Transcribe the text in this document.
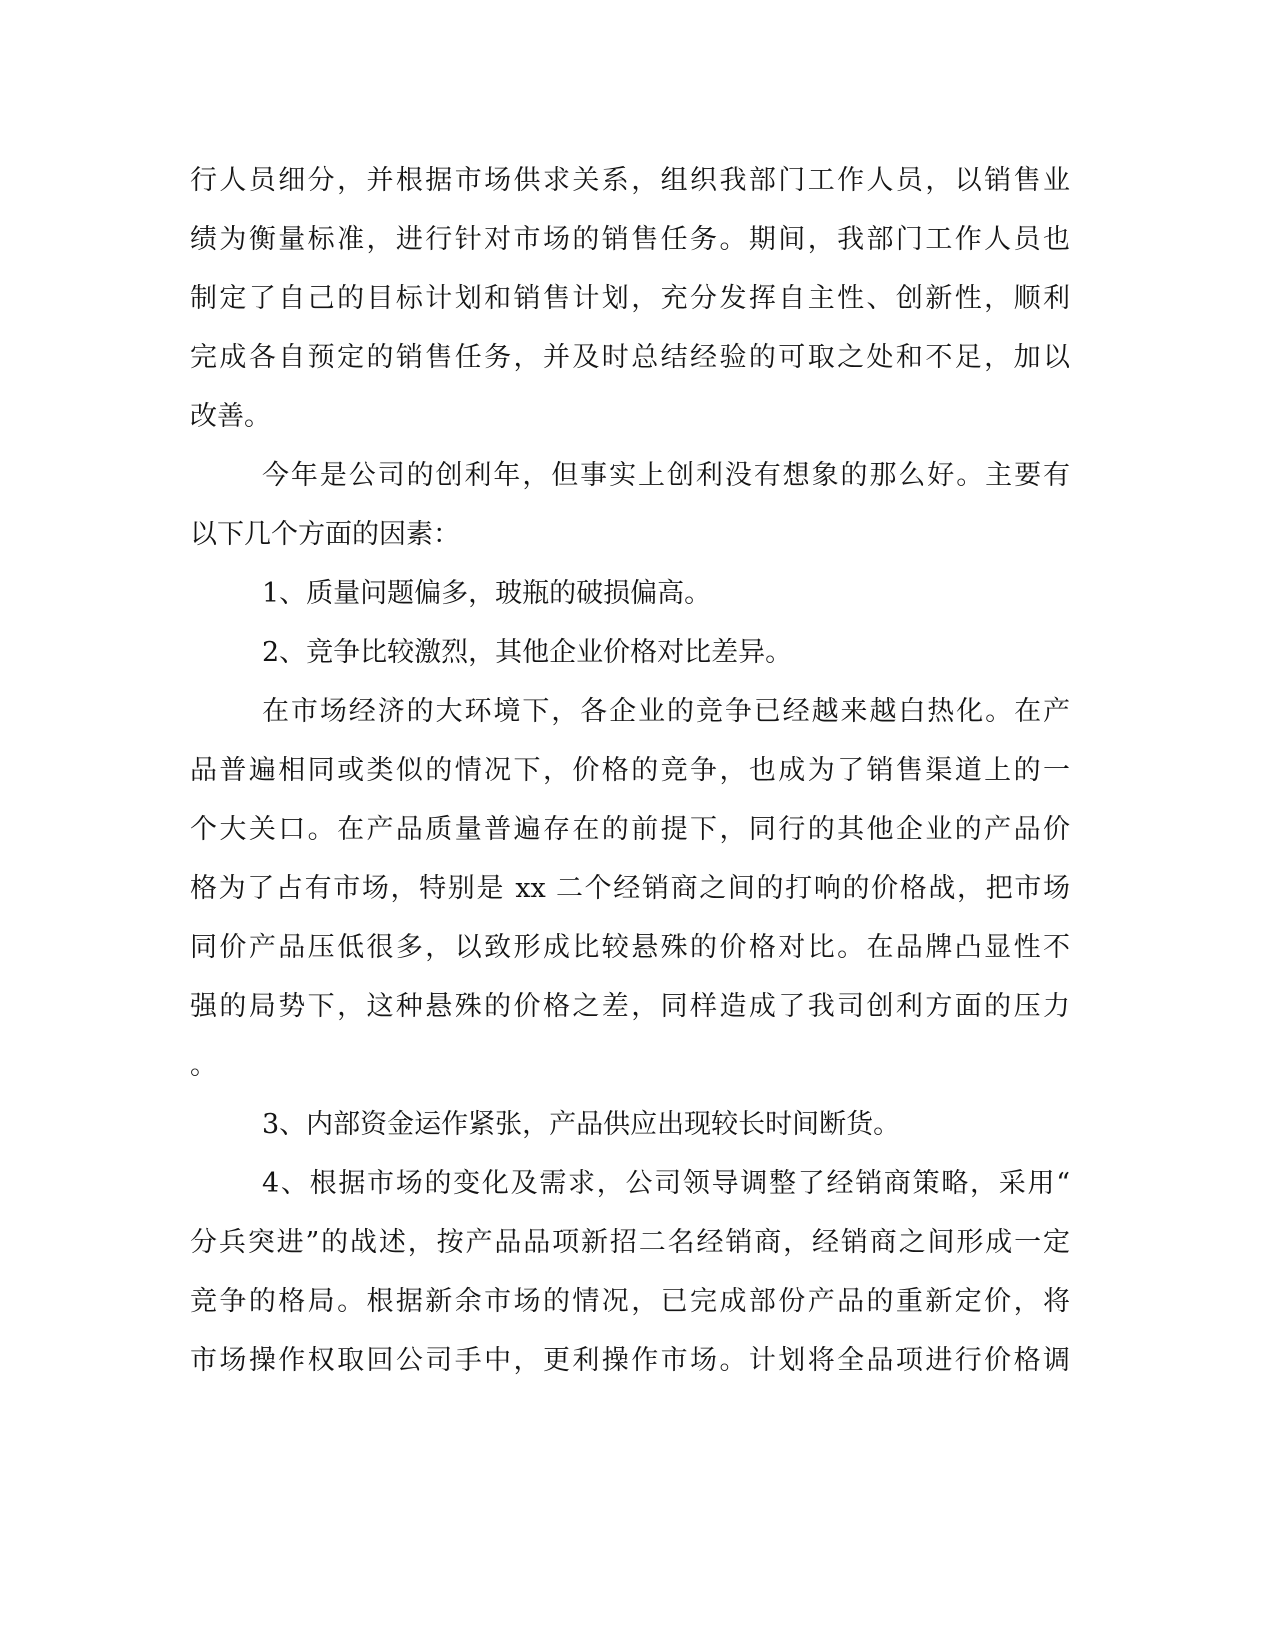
行人员细分，并根据市场供求关系，组织我部门工作人员，以销售业
绩为衡量标准，进行针对市场的销售任务。期间，我部门工作人员也
制定了自己的目标计划和销售计划，充分发挥自主性、创新性，顺利
完成各自预定的销售任务，并及时总结经验的可取之处和不足，加以
改善。
今年是公司的创利年，但事实上创利没有想象的那么好。主要有
以下几个方面的因素：
1、质量问题偏多，玻瓶的破损偏高。
2、竞争比较激烈，其他企业价格对比差异。
在市场经济的大环境下，各企业的竞争已经越来越白热化。在产
品普遍相同或类似的情况下，价格的竞争，也成为了销售渠道上的一
个大关口。在产品质量普遍存在的前提下，同行的其他企业的产品价
格为了占有市场，特别是 xx 二个经销商之间的打响的价格战，把市场
同价产品压低很多，以致形成比较悬殊的价格对比。在品牌凸显性不
强的局势下，这种悬殊的价格之差，同样造成了我司创利方面的压力
。
3、内部资金运作紧张，产品供应出现较长时间断货。
4、根据市场的变化及需求，公司领导调整了经销商策略，采用“
分兵突进”的战述，按产品品项新招二名经销商，经销商之间形成一定
竞争的格局。根据新余市场的情况，已完成部份产品的重新定价，将
市场操作权取回公司手中，更利操作市场。计划将全品项进行价格调
